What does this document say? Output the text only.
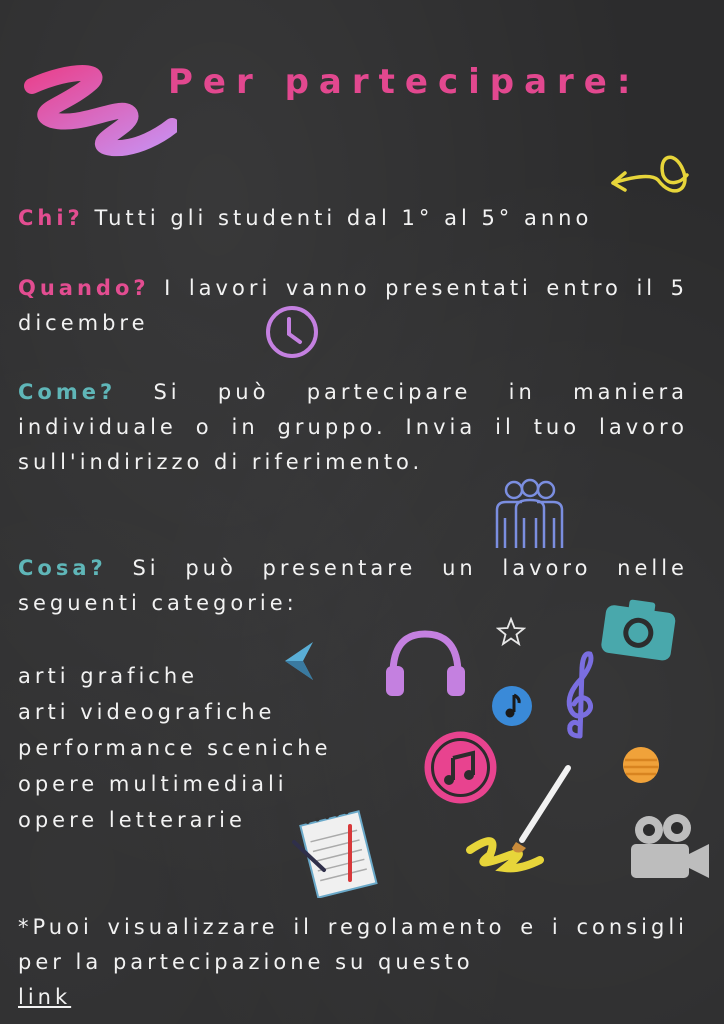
Per partecipare:
Chi? Tutti gli studenti dal 1° al 5° anno
Quando? I lavori vanno presentati entro il 5 dicembre
Come? Si può partecipare in maniera individuale o in gruppo. Invia il tuo lavoro sull'indirizzo di riferimento.
Cosa? Si può presentare un lavoro nelle seguenti categorie:
arti grafiche
arti videografiche
performance sceniche
opere multimediali
opere letterarie
*Puoi visualizzare il regolamento e i consigli per la partecipazione su questo
link
